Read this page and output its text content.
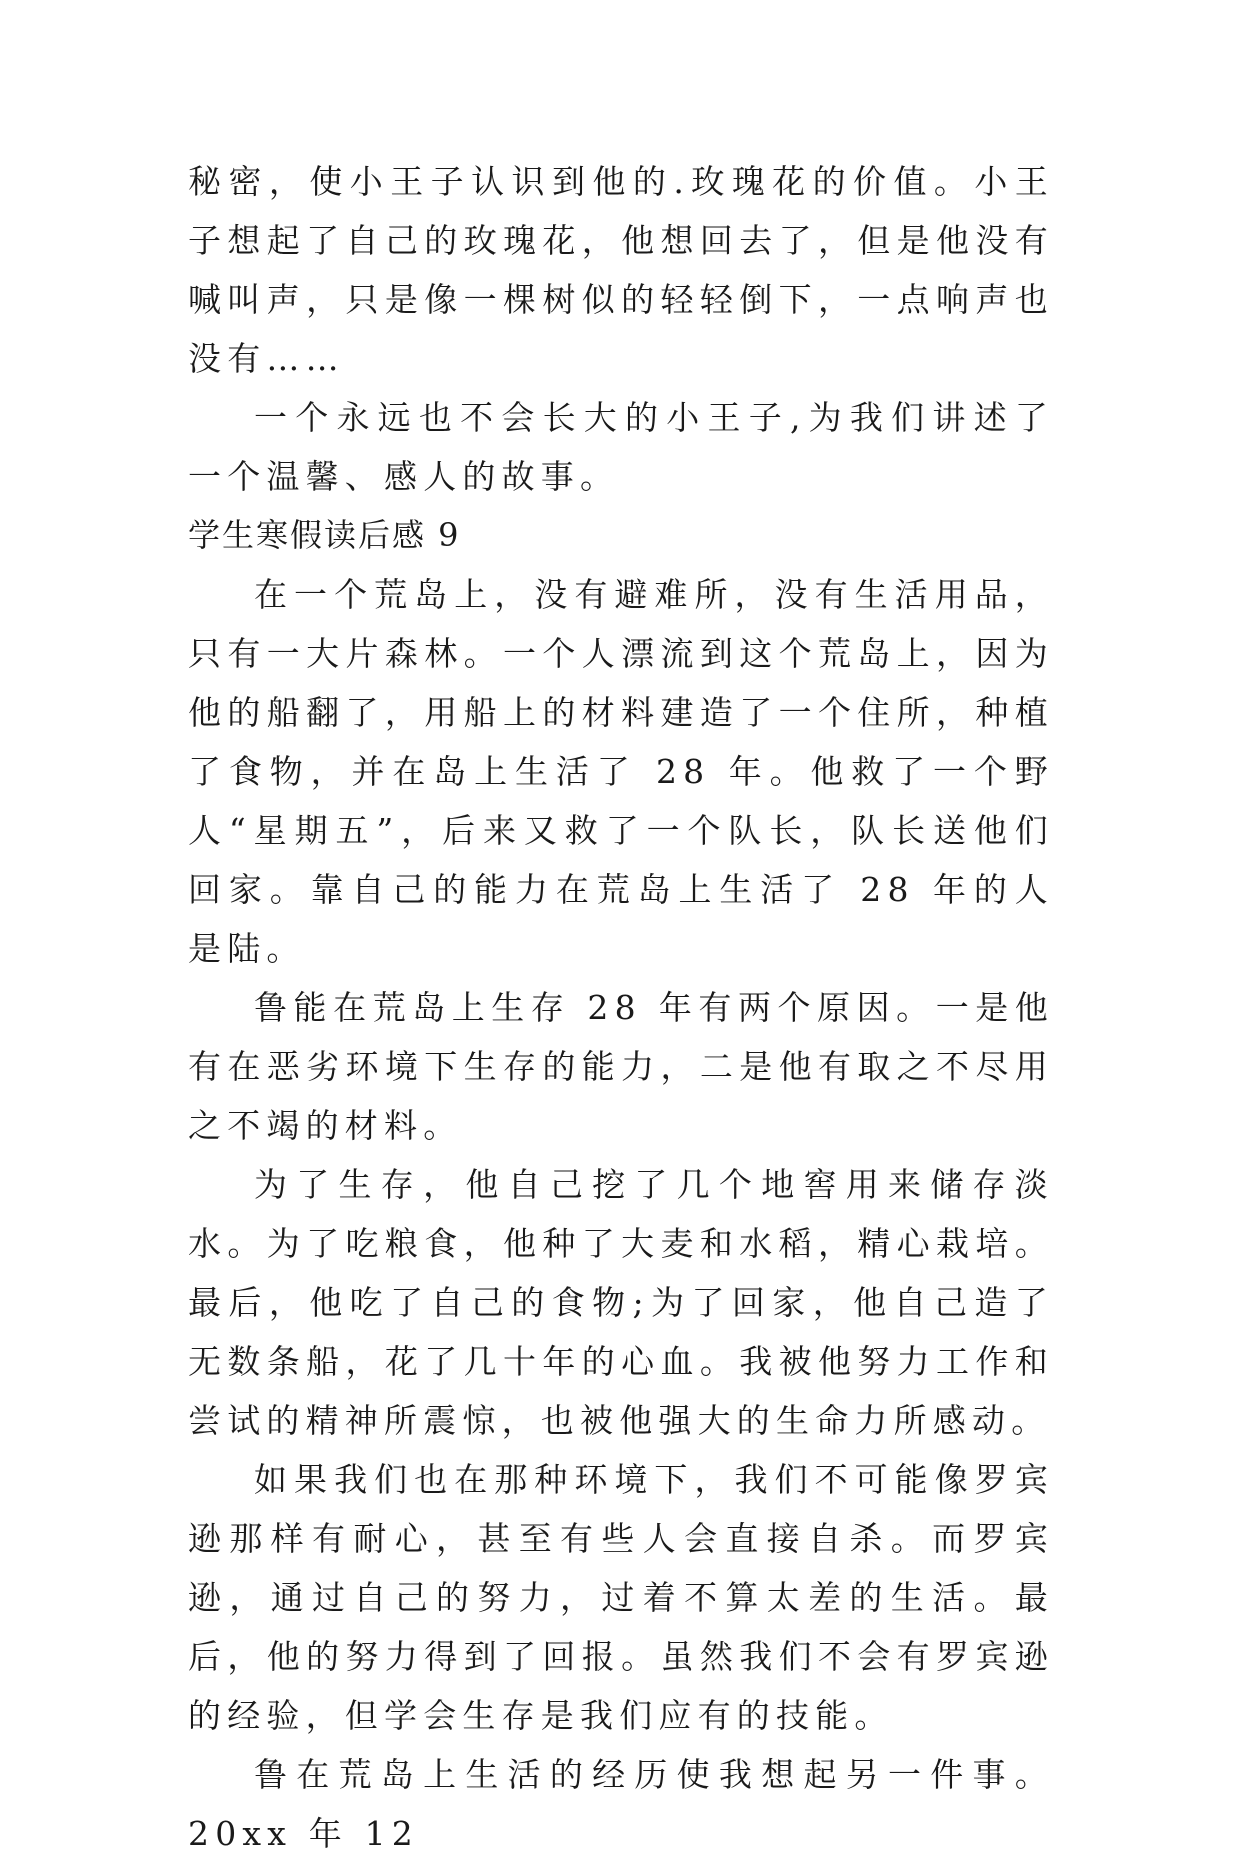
秘密，使小王子认识到他的.玫瑰花的价值。小王子想起了自己的玫瑰花，他想回去了，但是他没有喊叫声，只是像一棵树似的轻轻倒下，一点响声也没有……

一个永远也不会长大的小王子,为我们讲述了一个温馨、感人的故事。

学生寒假读后感 9

在一个荒岛上，没有避难所，没有生活用品，只有一大片森林。一个人漂流到这个荒岛上，因为他的船翻了，用船上的材料建造了一个住所，种植了食物，并在岛上生活了 28 年。他救了一个野人“星期五”，后来又救了一个队长，队长送他们回家。靠自己的能力在荒岛上生活了 28 年的人是陆。

鲁能在荒岛上生存 28 年有两个原因。一是他有在恶劣环境下生存的能力，二是他有取之不尽用之不竭的材料。

为了生存，他自己挖了几个地窖用来储存淡水。为了吃粮食，他种了大麦和水稻，精心栽培。最后，他吃了自己的食物;为了回家，他自己造了无数条船，花了几十年的心血。我被他努力工作和尝试的精神所震惊，也被他强大的生命力所感动。

如果我们也在那种环境下，我们不可能像罗宾逊那样有耐心，甚至有些人会直接自杀。而罗宾逊，通过自己的努力，过着不算太差的生活。最后，他的努力得到了回报。虽然我们不会有罗宾逊的经验，但学会生存是我们应有的技能。

鲁在荒岛上生活的经历使我想起另一件事。20xx 年 12
